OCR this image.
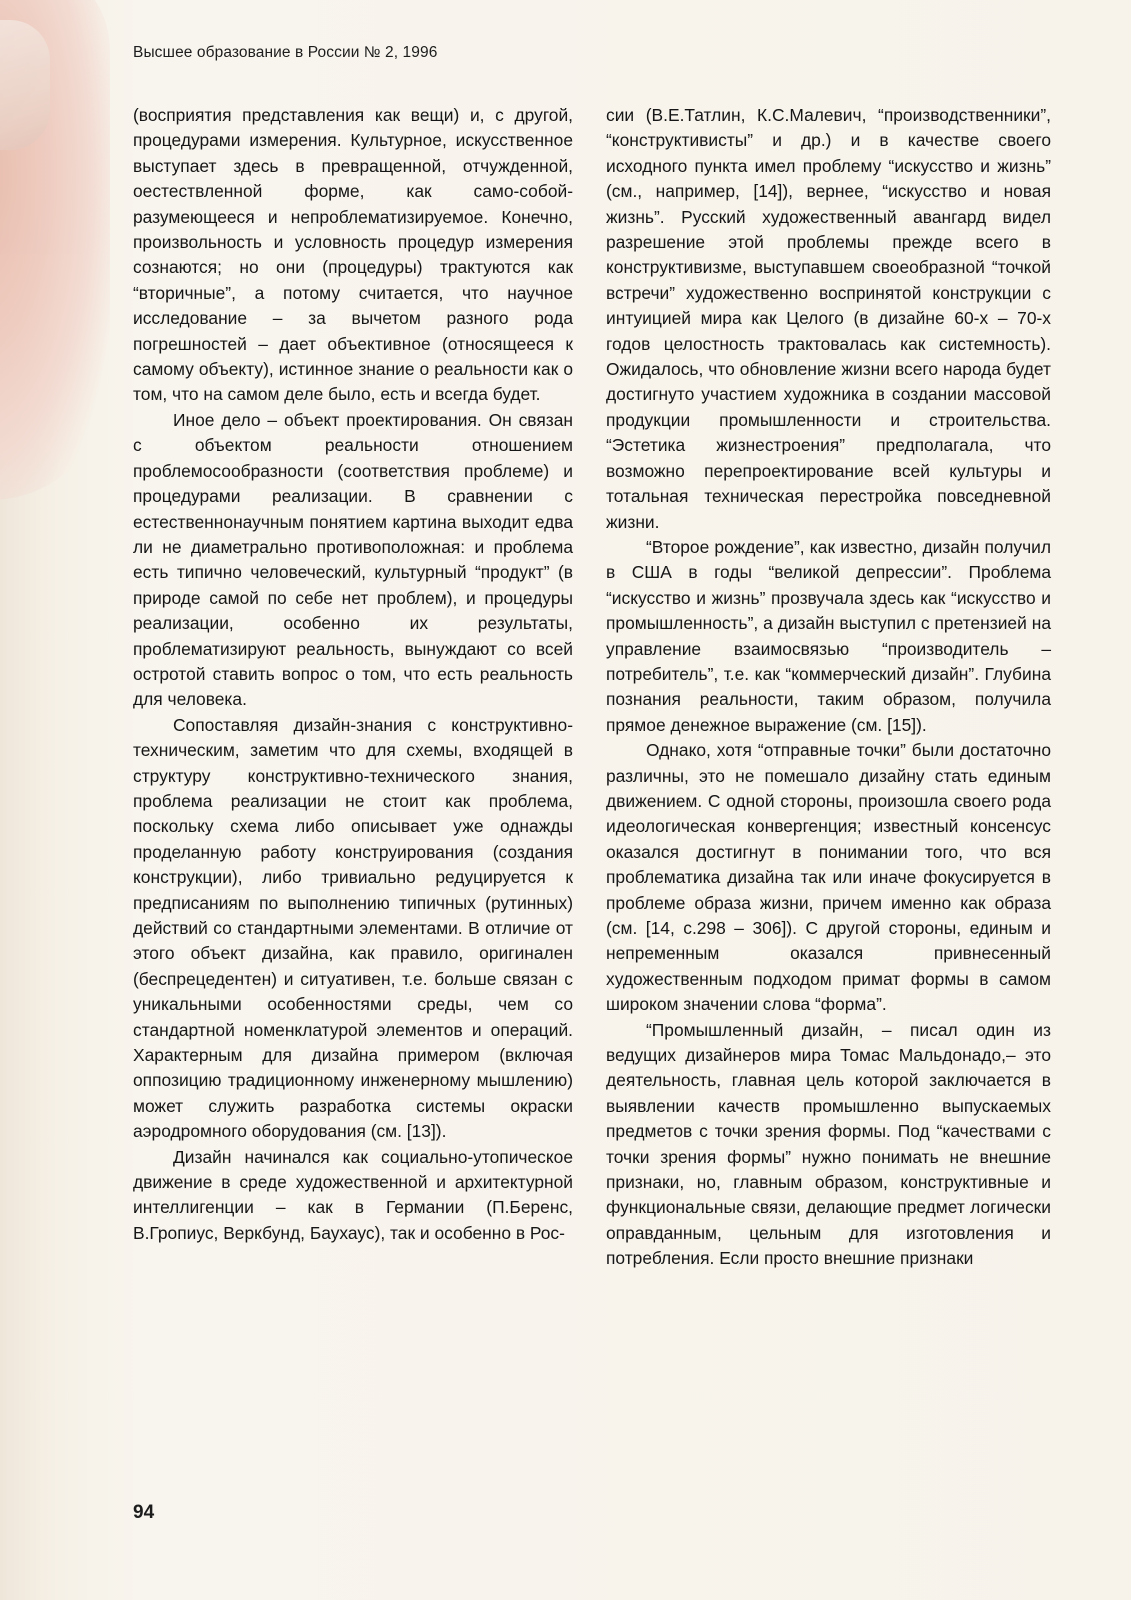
Высшее образование в России № 2, 1996

(восприятия представления как вещи) и, с другой, процедурами измерения. Культурное, искусственное выступает здесь в превращенной, отчужденной, оестествленной форме, как само-собой-разумеющееся и непроблематизируемое. Конечно, произвольность и условность процедур измерения сознаются; но они (процедуры) трактуются как “вторичные”, а потому считается, что научное исследование – за вычетом разного рода погрешностей – дает объективное (относящееся к самому объекту), истинное знание о реальности как о том, что на самом деле было, есть и всегда будет.

Иное дело – объект проектирования. Он связан с объектом реальности отношением проблемосообразности (соответствия проблеме) и процедурами реализации. В сравнении с естественнонаучным понятием картина выходит едва ли не диаметрально противоположная: и проблема есть типично человеческий, культурный “продукт” (в природе самой по себе нет проблем), и процедуры реализации, особенно их результаты, проблематизируют реальность, вынуждают со всей остротой ставить вопрос о том, что есть реальность для человека.

Сопоставляя дизайн-знания с конструктивно-техническим, заметим что для схемы, входящей в структуру конструктивно-технического знания, проблема реализации не стоит как проблема, поскольку схема либо описывает уже однажды проделанную работу конструирования (создания конструкции), либо тривиально редуцируется к предписаниям по выполнению типичных (рутинных) действий со стандартными элементами. В отличие от этого объект дизайна, как правило, оригинален (беспрецедентен) и ситуативен, т.е. больше связан с уникальными особенностями среды, чем со стандартной номенклатурой элементов и операций. Характерным для дизайна примером (включая оппозицию традиционному инженерному мышлению) может служить разработка системы окраски аэродромного оборудования (см. [13]).

Дизайн начинался как социально-утопическое движение в среде художественной и архитектурной интеллигенции – как в Германии (П.Беренс, В.Гропиус, Веркбунд, Баухаус), так и особенно в Рос-

сии (В.Е.Татлин, К.С.Малевич, “производственники”, “конструктивисты” и др.) и в качестве своего исходного пункта имел проблему “искусство и жизнь” (см., например, [14]), вернее, “искусство и новая жизнь”. Русский художественный авангард видел разрешение этой проблемы прежде всего в конструктивизме, выступавшем своеобразной “точкой встречи” художественно воспринятой конструкции с интуицией мира как Целого (в дизайне 60-х – 70-х годов целостность трактовалась как системность). Ожидалось, что обновление жизни всего народа будет достигнуто участием художника в создании массовой продукции промышленности и строительства. “Эстетика жизнестроения” предполагала, что возможно перепроектирование всей культуры и тотальная техническая перестройка повседневной жизни.

“Второе рождение”, как известно, дизайн получил в США в годы “великой депрессии”. Проблема “искусство и жизнь” прозвучала здесь как “искусство и промышленность”, а дизайн выступил с претензией на управление взаимосвязью “производитель – потребитель”, т.е. как “коммерческий дизайн”. Глубина познания реальности, таким образом, получила прямое денежное выражение (см. [15]).

Однако, хотя “отправные точки” были достаточно различны, это не помешало дизайну стать единым движением. С одной стороны, произошла своего рода идеологическая конвергенция; известный консенсус оказался достигнут в понимании того, что вся проблематика дизайна так или иначе фокусируется в проблеме образа жизни, причем именно как образа (см. [14, с.298 – 306]). С другой стороны, единым и непременным оказался привнесенный художественным подходом примат формы в самом широком значении слова “форма”.

“Промышленный дизайн, – писал один из ведущих дизайнеров мира Томас Мальдонадо,– это деятельность, главная цель которой заключается в выявлении качеств промышленно выпускаемых предметов с точки зрения формы. Под “качествами с точки зрения формы” нужно понимать не внешние признаки, но, главным образом, конструктивные и функциональные связи, делающие предмет логически оправданным, цельным для изготовления и потребления. Если просто внешние признаки

94
